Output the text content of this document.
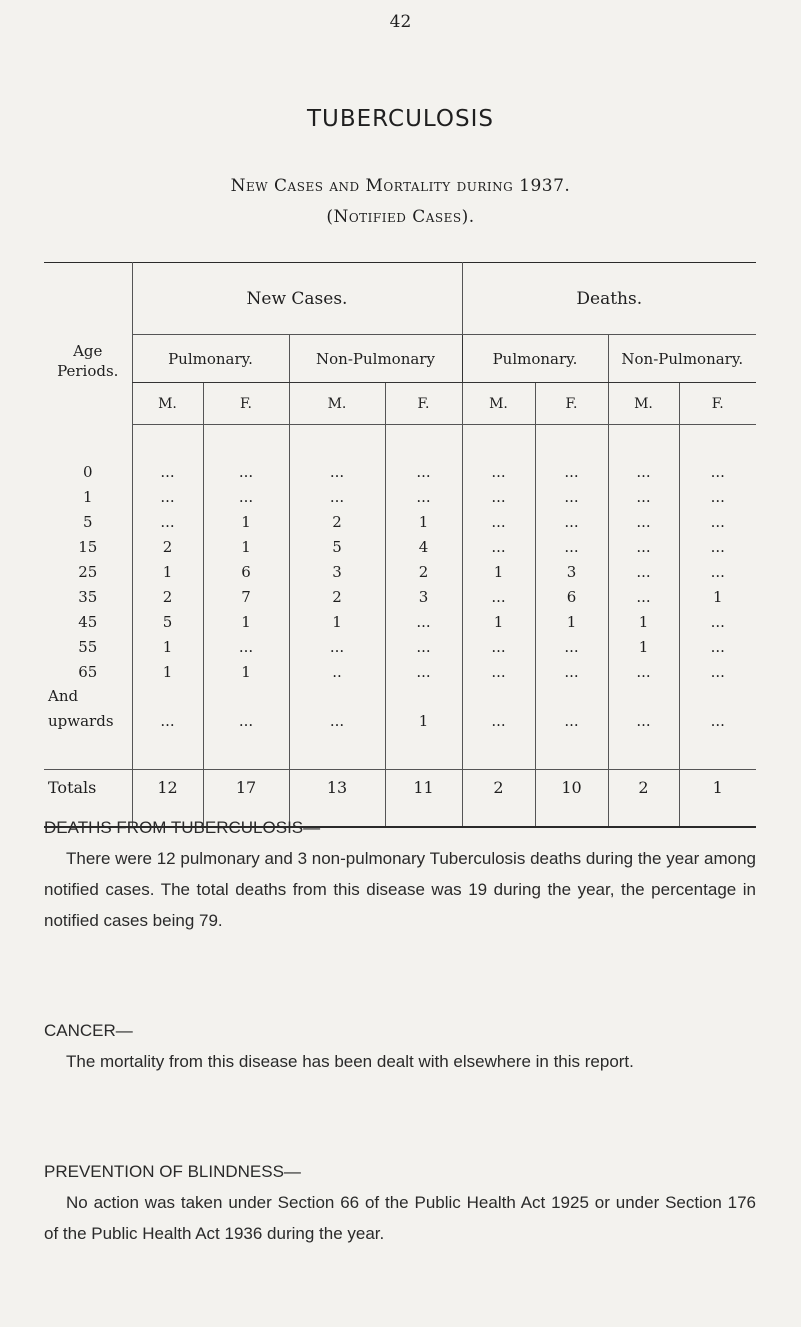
42
TUBERCULOSIS
New Cases and Mortality during 1937.
(Notified Cases).
Age
Periods.	New Cases.				Deaths.			
	Pulmonary.		Non-Pulmonary		Pulmonary.		Non-Pulmonary.	
	M.	F.	M.	F.	M.	F.	M.	F.

0	...	...	...	...	...	...	...	...
1	...	...	...	...	...	...	...	...
5	...	1	2	1	...	...	...	...
15	2	1	5	4	...	...	...	...
25	1	6	3	2	1	3	...	...
35	2	7	2	3	...	6	...	1
45	5	1	1	...	1	1	1	...
55	1	...	...	...	...	...	1	...
65	1	1	..	...	...	...	...	...

And
upwards	...	...	...	1	...	...	...	...

Totals	12	17	13	11	2	10	2	1

DEATHS FROM TUBERCULOSIS—

There were 12 pulmonary and 3 non-pulmonary Tuberculosis deaths during the year among notified cases. The total deaths from this disease was 19 during the year, the percentage in notified cases being 79.

CANCER—

The mortality from this disease has been dealt with elsewhere in this report.

PREVENTION OF BLINDNESS—

No action was taken under Section 66 of the Public Health Act 1925 or under Section 176 of the Public Health Act 1936 during the year.
